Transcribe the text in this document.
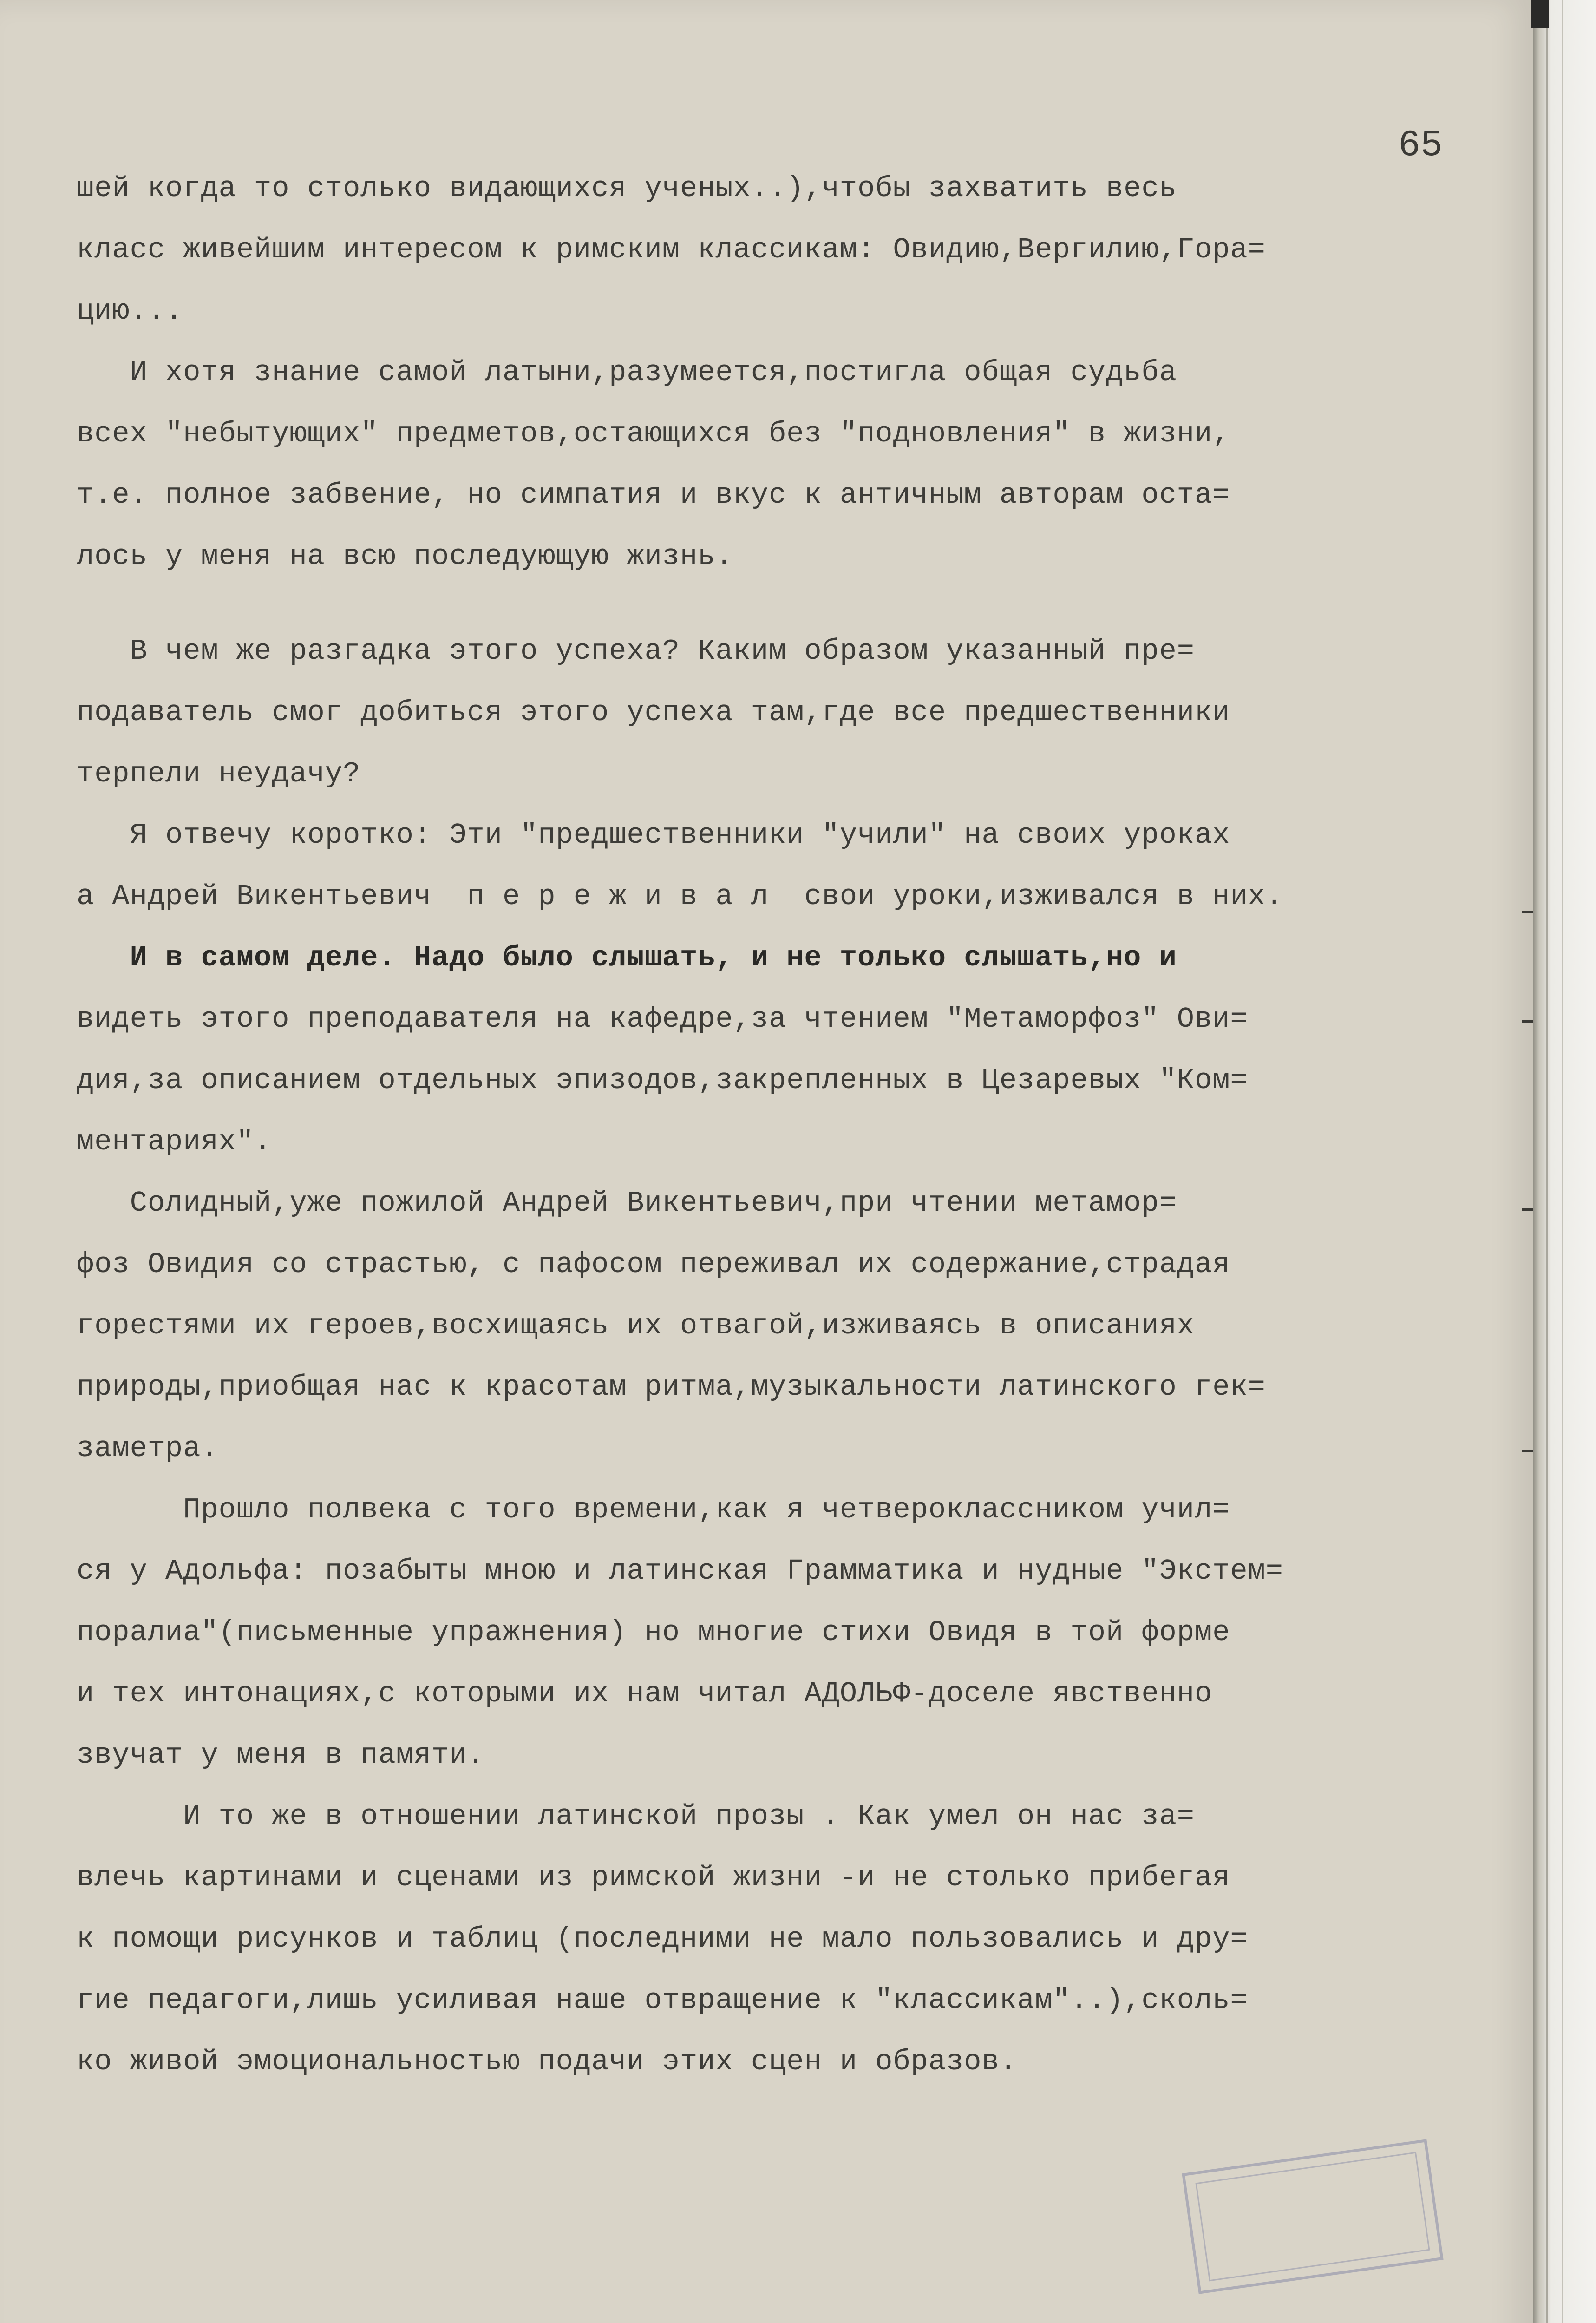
65
шей когда то столько видающихся ученых..),чтобы захватить весь
класс живейшим интересом к римским классикам: Овидию,Вергилию,Гора=
цию...
И хотя знание самой латыни,разумеется,постигла общая судьба
всех "небытующих" предметов,остающихся без "подновления" в жизни,
т.е. полное забвение, но симпатия и вкус к античным авторам оста=
лось у меня на всю последующую жизнь.
В чем же разгадка этого успеха? Каким образом указанный пре=
подаватель смог добиться этого успеха там,где все предшественники
терпели неудачу?
Я отвечу коротко: Эти "предшественники "учили" на своих уроках
а Андрей Викентьевич  п е р е ж и в а л  свои уроки,изживался в них.
И в самом деле. Надо было слышать, и не только слышать,но и
видеть этого преподавателя на кафедре,за чтением "Метаморфоз" Ови=
дия,за описанием отдельных эпизодов,закрепленных в Цезаревых "Ком=
ментариях".
Солидный,уже пожилой Андрей Викентьевич,при чтении метамор=
фоз Овидия со страстью, с пафосом переживал их содержание,страдая
горестями их героев,восхищаясь их отвагой,изживаясь в описаниях
природы,приобщая нас к красотам ритма,музыкальности латинского гек=
заметра.
Прошло полвека с того времени,как я четвероклассником учил=
ся у Адольфа: позабыты мною и латинская Грамматика и нудные "Экстем=
поралиа"(письменные упражнения) но многие стихи Овидя в той форме
и тех интонациях,с которыми их нам читал АДОЛЬФ-доселе явственно
звучат у меня в памяти.
И то же в отношении латинской прозы . Как умел он нас за=
влечь картинами и сценами из римской жизни -и не столько прибегая
к помощи рисунков и таблиц (последними не мало пользовались и дру=
гие педагоги,лишь усиливая наше отвращение к "классикам"..),сколь=
ко живой эмоциональностью подачи этих сцен и образов.
